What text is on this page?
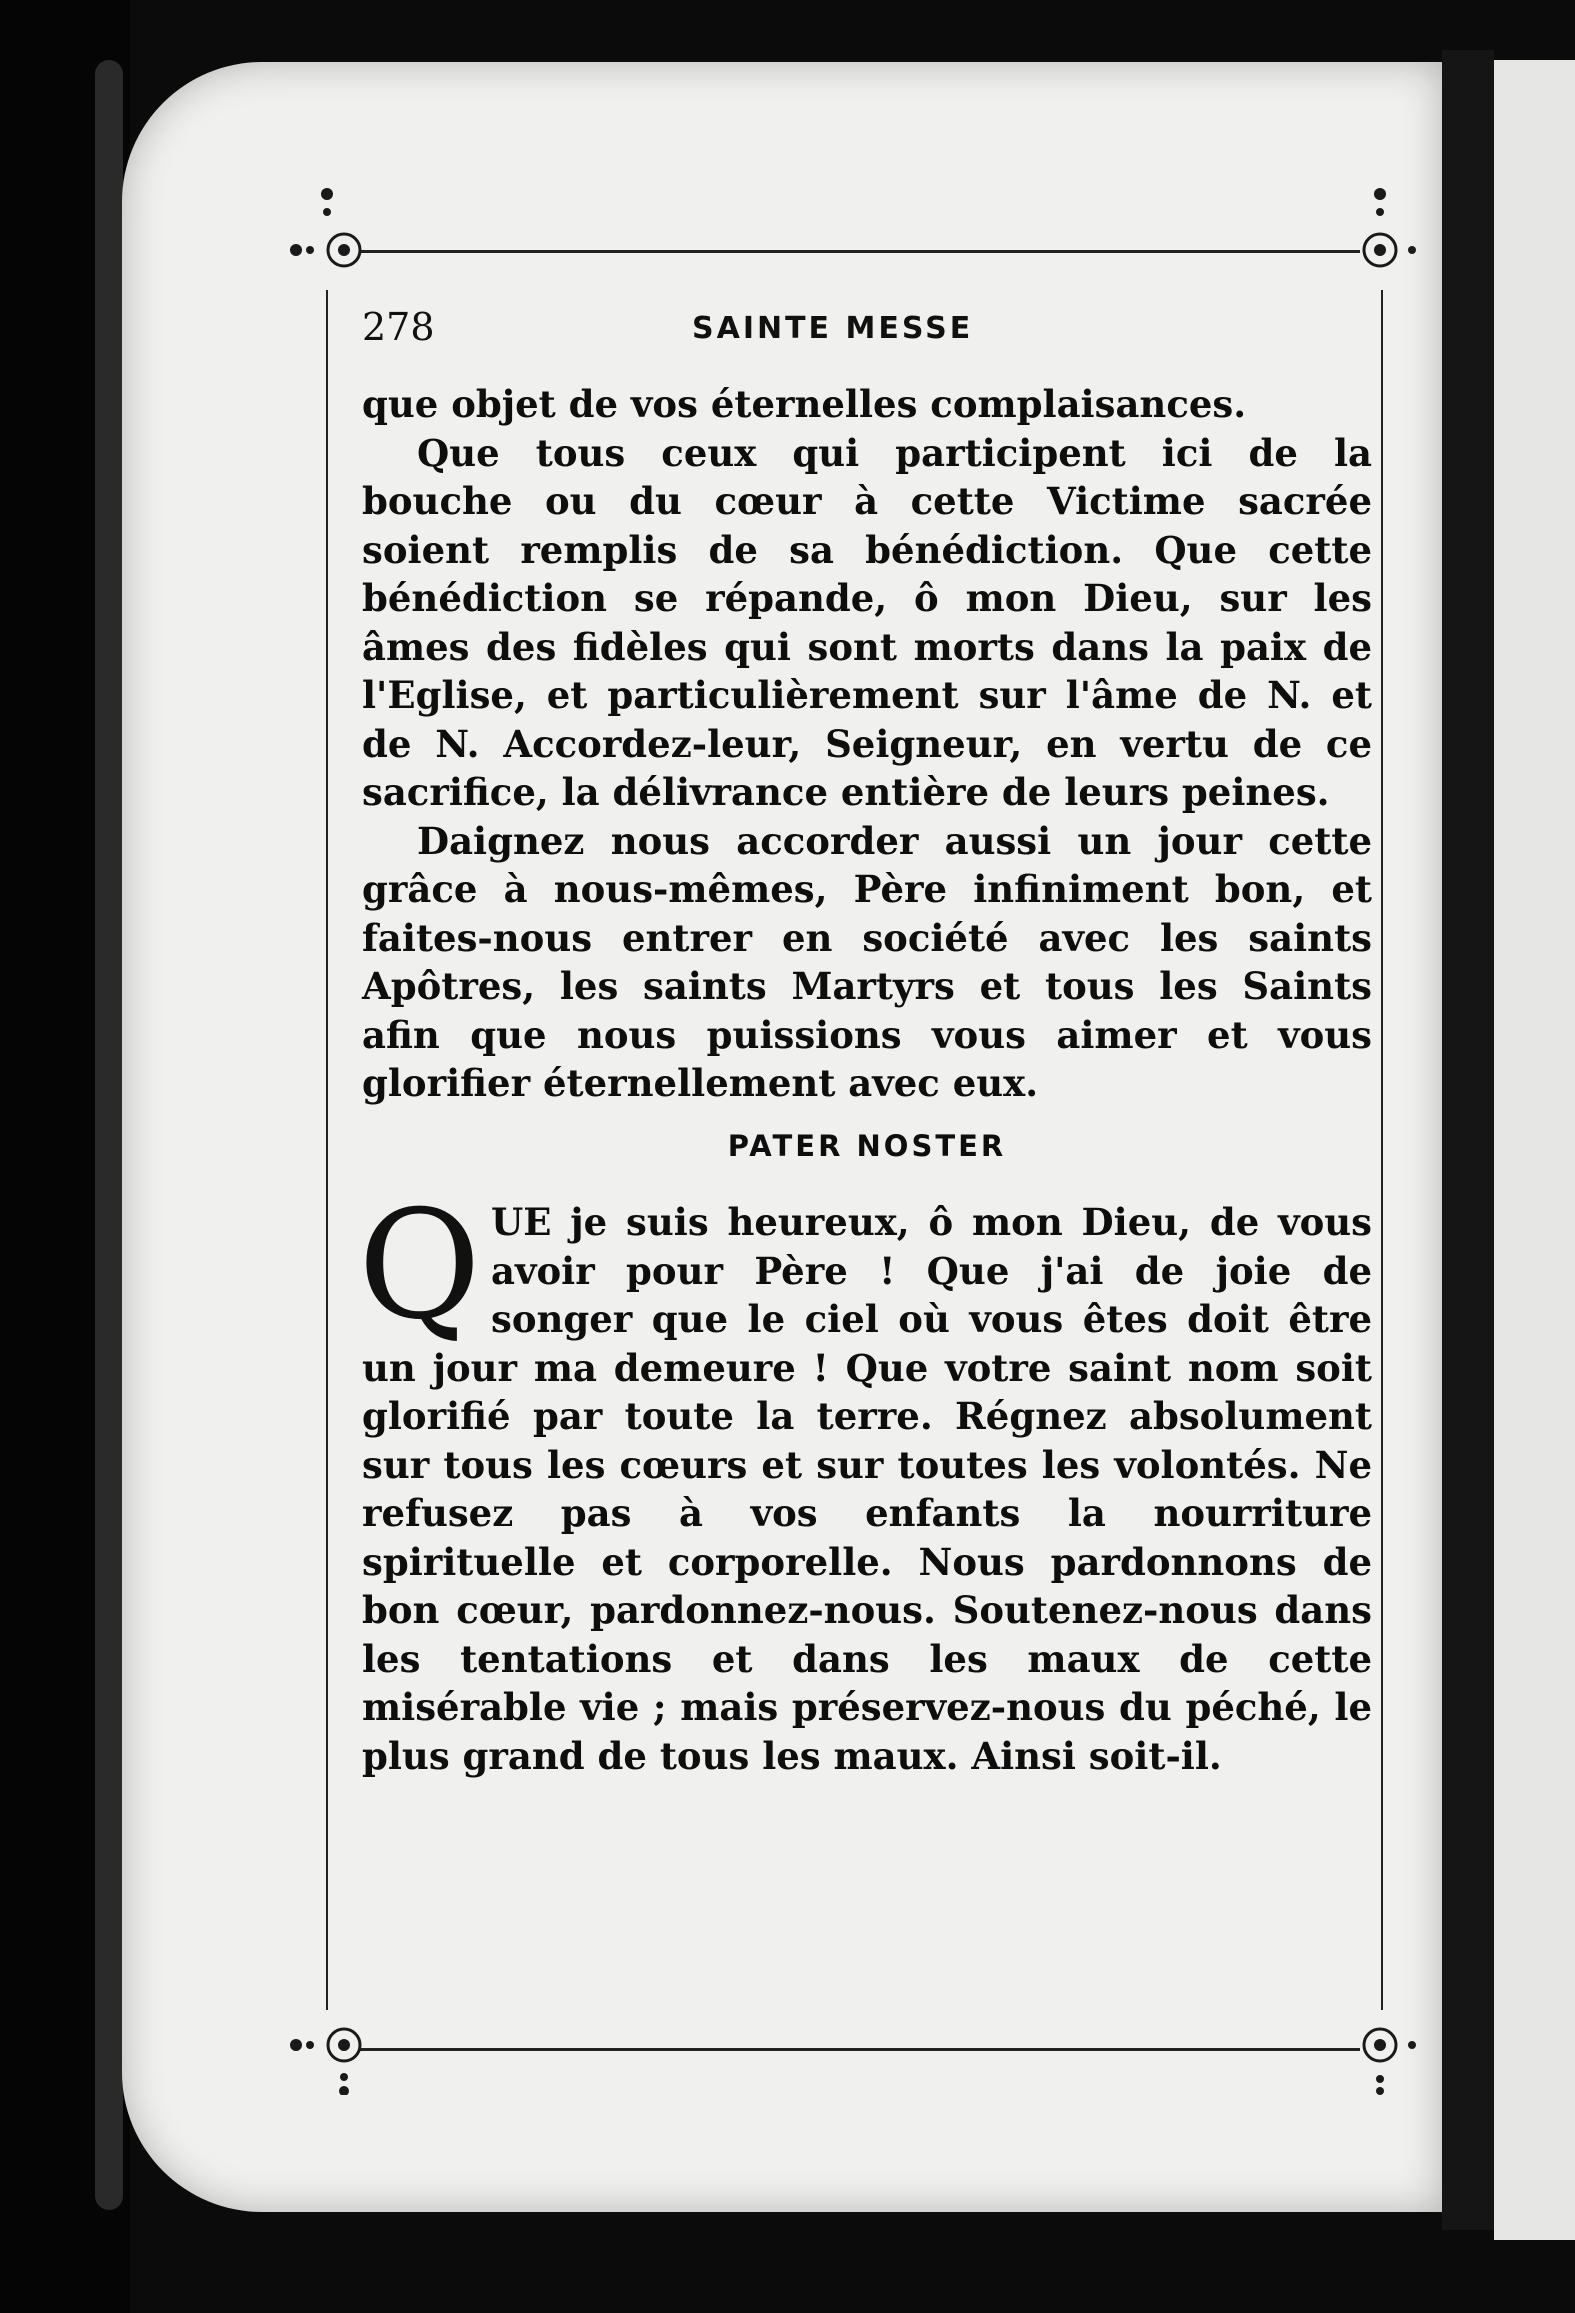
278	SAINTE MESSE

que objet de vos éternelles complaisances.

Que tous ceux qui participent ici de la bouche ou du cœur à cette Victime sacrée soient remplis de sa bénédiction. Que cette bénédiction se répande, ô mon Dieu, sur les âmes des fidèles qui sont morts dans la paix de l'Eglise, et particulièrement sur l'âme de N. et de N. Accordez-leur, Seigneur, en vertu de ce sacrifice, la délivrance entière de leurs peines.

Daignez nous accorder aussi un jour cette grâce à nous-mêmes, Père infiniment bon, et faites-nous entrer en société avec les saints Apôtres, les saints Martyrs et tous les Saints afin que nous puissions vous aimer et vous glorifier éternellement avec eux.

PATER NOSTER

QUE je suis heureux, ô mon Dieu, de vous avoir pour Père ! Que j'ai de joie de songer que le ciel où vous êtes doit être un jour ma demeure ! Que votre saint nom soit glorifié par toute la terre. Régnez absolument sur tous les cœurs et sur toutes les volontés. Ne refusez pas à vos enfants la nourriture spirituelle et corporelle. Nous pardonnons de bon cœur, pardonnez-nous. Soutenez-nous dans les tentations et dans les maux de cette misérable vie ; mais préservez-nous du péché, le plus grand de tous les maux. Ainsi soit-il.
